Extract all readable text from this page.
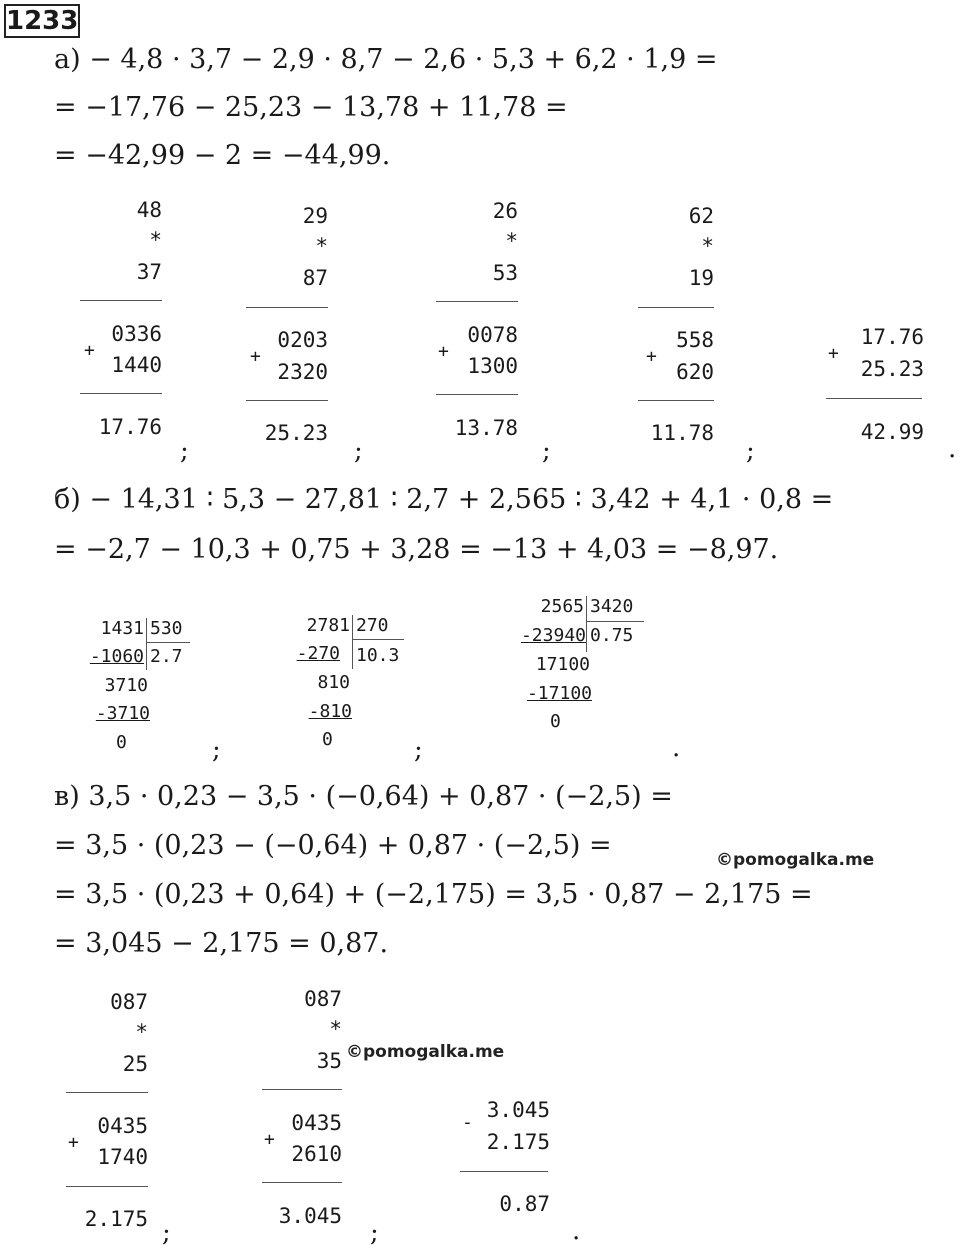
1233
а) − 4,8 · 3,7 − 2,9 · 8,7 − 2,6 · 5,3 + 6,2 · 1,9 =
= −17,76 − 25,23 − 13,78 + 11,78 =
= −42,99 − 2 = −44,99.
48
*
37
+
0336
1440
17.76
;
29
*
87
+
0203
2320
25.23
;
26
*
53
+
0078
1300
13.78
;
62
*
19
+
558
620
11.78
;
+
17.76
25.23
42.99
.
б) − 14,31 ∶ 5,3 − 27,81 ∶ 2,7 + 2,565 ∶ 3,42 + 4,1 · 0,8 =
= −2,7 − 10,3 + 0,75 + 3,28 = −13 + 4,03 = −8,97.
1431 530
-1060 2.7
3710
-3710
0	;
2781 270
-270 10.3
810
-810
0	;
2565 3420
-23940 0.75
17100
-17100
0
.
в) 3,5 · 0,23 − 3,5 · (−0,64) + 0,87 · (−2,5) =
= 3,5 · (0,23 − (−0,64) + 0,87 · (−2,5) =
= 3,5 · (0,23 + 0,64) + (−2,175) = 3,5 · 0,87 − 2,175 =
= 3,045 − 2,175 = 0,87.
©pomogalka.me
087
*
25
+
0435
1740
2.175 ;
087
*
35
+
0435
2610
3.045
©pomogalka.me
;
-
3.045
2.175
0.87
.
